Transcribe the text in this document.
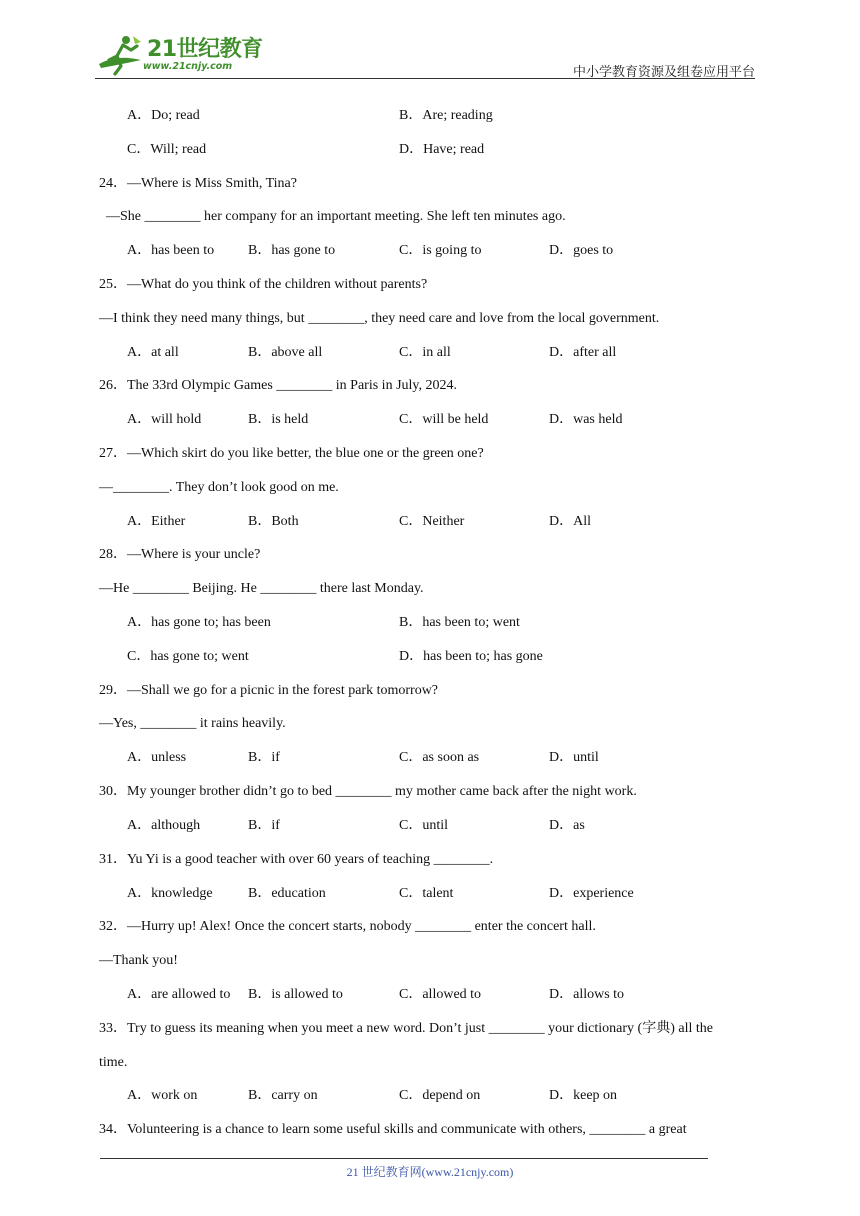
21世纪教育
www.21cnjy.com	中小学教育资源及组卷应用平台
A．Do; read	B．Are; reading
C．Will; read	D．Have; read
24．—Where is Miss Smith, Tina?
—She ________ her company for an important meeting. She left ten minutes ago.
A．has been to B．has gone to	C．is going to	D．goes to
25．—What do you think of the children without parents?
—I think they need many things, but ________, they need care and love from the local government.
A．at all	B．above all	C．in all	D．after all
26．The 33rd Olympic Games ________ in Paris in July, 2024.
A．will hold	B．is held	C．will be held	D．was held
27．—Which skirt do you like better, the blue one or the green one?
—________. They don’t look good on me.
A．Either	B．Both	C．Neither	D．All
28．—Where is your uncle?
—He ________ Beijing. He ________ there last Monday.
A．has gone to; has been	B．has been to; went
C．has gone to; went	D．has been to; has gone
29．—Shall we go for a picnic in the forest park tomorrow?
—Yes, ________ it rains heavily.
A．unless	B．if	C．as soon as	D．until
30．My younger brother didn’t go to bed ________ my mother came back after the night work.
A．although	B．if	C．until	D．as
31．Yu Yi is a good teacher with over 60 years of teaching ________.
A．knowledge	B．education	C．talent	D．experience
32．—Hurry up! Alex! Once the concert starts, nobody ________ enter the concert hall.
—Thank you!
A．are allowed to B．is allowed to	C．allowed to	D．allows to
33．Try to guess its meaning when you meet a new word. Don’t just ________ your dictionary (字典) all the
time.
A．work on	B．carry on	C．depend on	D．keep on
34．Volunteering is a chance to learn some useful skills and communicate with others, ________ a great
21 世纪教育网(www.21cnjy.com)
